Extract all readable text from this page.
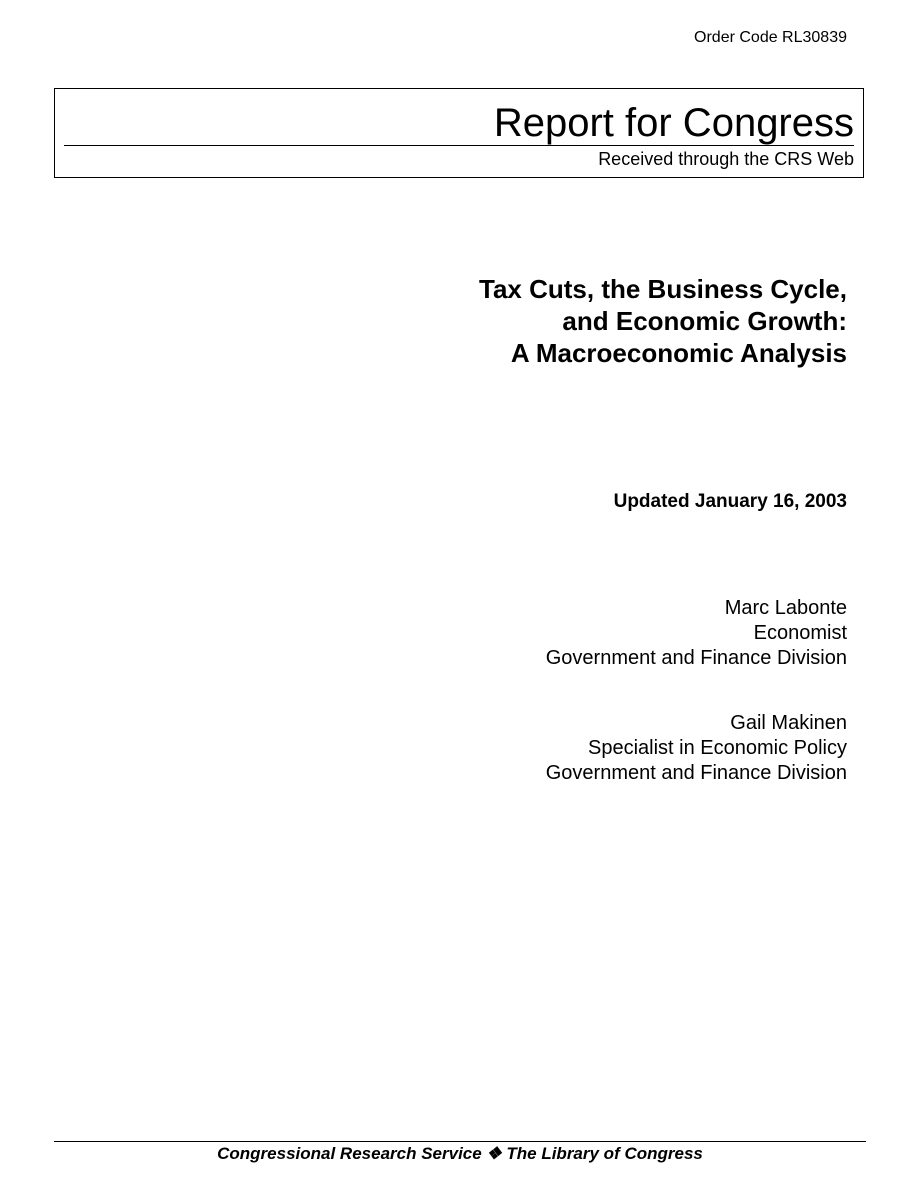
Order Code RL30839
Report for Congress
Received through the CRS Web
Tax Cuts, the Business Cycle,
and Economic Growth:
A Macroeconomic Analysis
Updated January 16, 2003
Marc Labonte
Economist
Government and Finance Division
Gail Makinen
Specialist in Economic Policy
Government and Finance Division
Congressional Research Service ❖ The Library of Congress
